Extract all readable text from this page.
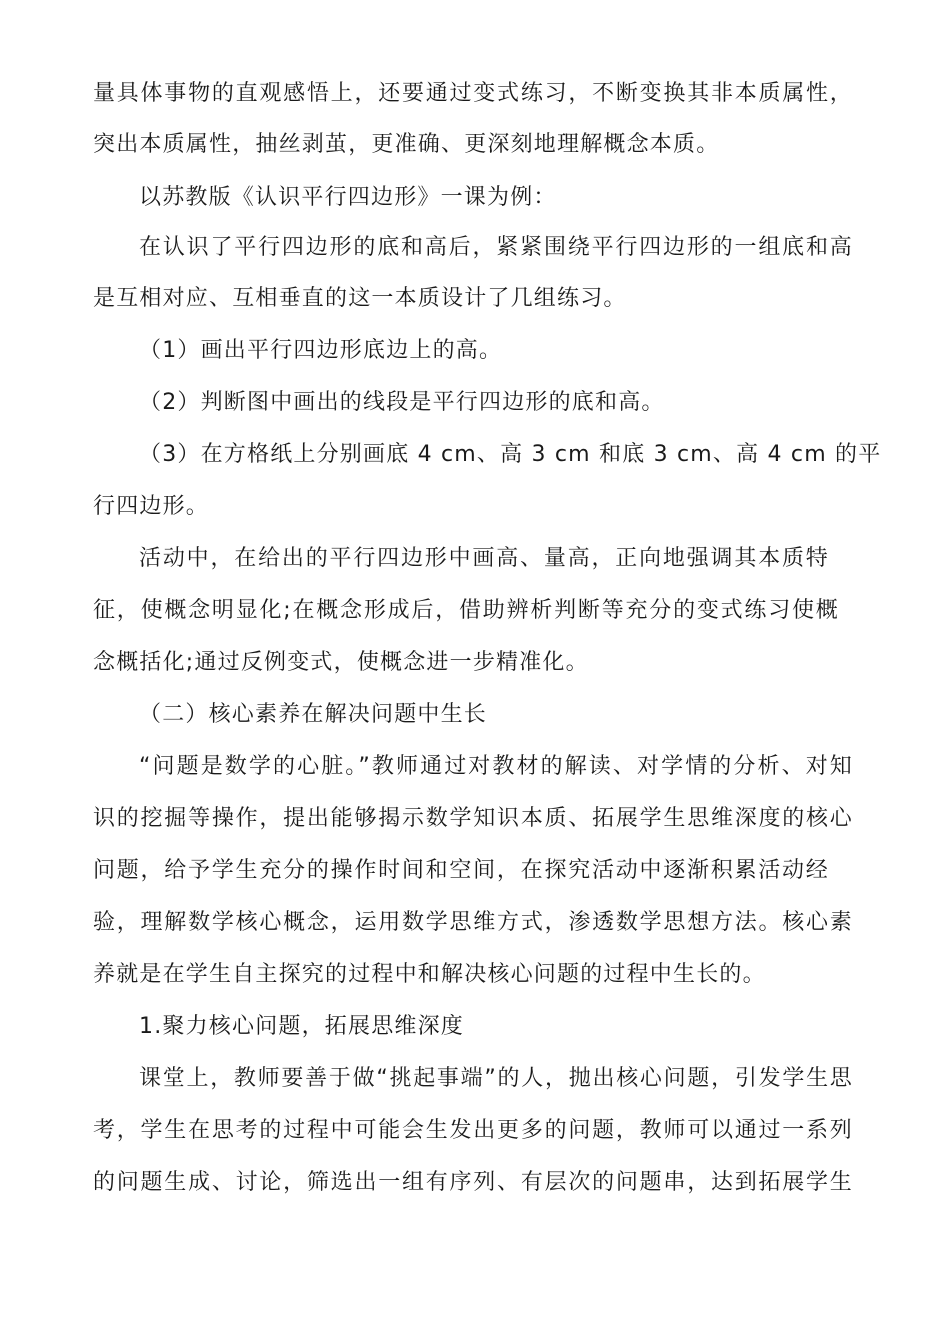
量具体事物的直观感悟上，还要通过变式练习，不断变换其非本质属性，
突出本质属性，抽丝剥茧，更准确、更深刻地理解概念本质。
以苏教版《认识平行四边形》一课为例：
在认识了平行四边形的底和高后，紧紧围绕平行四边形的一组底和高
是互相对应、互相垂直的这一本质设计了几组练习。
（1）画出平行四边形底边上的高。
（2）判断图中画出的线段是平行四边形的底和高。
（3）在方格纸上分别画底 4 cm、高 3 cm 和底 3 cm、高 4 cm 的平
行四边形。
活动中，在给出的平行四边形中画高、量高，正向地强调其本质特
征，使概念明显化;在概念形成后，借助辨析判断等充分的变式练习使概
念概括化;通过反例变式，使概念进一步精准化。
（二）核心素养在解决问题中生长
“问题是数学的心脏。”教师通过对教材的解读、对学情的分析、对知
识的挖掘等操作，提出能够揭示数学知识本质、拓展学生思维深度的核心
问题，给予学生充分的操作时间和空间，在探究活动中逐渐积累活动经
验，理解数学核心概念，运用数学思维方式，渗透数学思想方法。核心素
养就是在学生自主探究的过程中和解决核心问题的过程中生长的。
1.聚力核心问题，拓展思维深度
课堂上，教师要善于做“挑起事端”的人，抛出核心问题，引发学生思
考，学生在思考的过程中可能会生发出更多的问题，教师可以通过一系列
的问题生成、讨论，筛选出一组有序列、有层次的问题串，达到拓展学生
